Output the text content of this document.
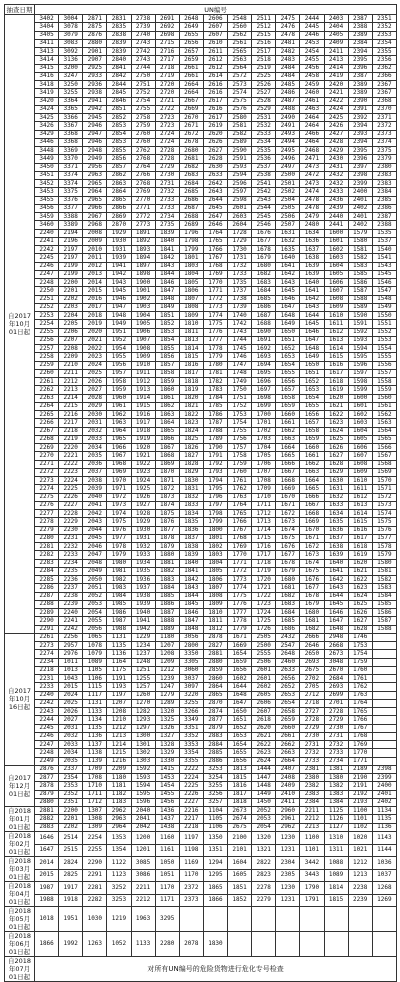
抽查日期	UN编号														
自2017年10月01日起	3402	3004	2871	2831	2738	2691	2648	2606	2548	2511	2475	2444	2403	2387	2351
	3404	3078	2875	2835	2739	2692	2649	2607	2560	2512	2476	2445	2404	2388	2352
	3405	3079	2876	2838	2740	2698	2655	2607	2562	2515	2478	2446	2405	2389	2353
	3411	3083	2880	2839	2743	2715	2656	2610	2561	2516	2481	2453	2409	2384	2354
	3413	3092	2901	2839	2742	2716	2657	2611	2565	2517	2482	2454	2411	2394	2355
	3414	3136	2907	2840	2743	2717	2659	2612	2563	2518	2483	2455	2413	2395	2356
	3415	3200	2925	2841	2744	2718	2661	2612	2564	2519	2484	2456	2414	2396	2362
	3416	3247	2933	2842	2750	2719	2661	2614	2572	2525	2484	2458	2419	2387	2366
	3418	3250	2936	2844	2751	2720	2664	2616	2573	2526	2485	2459	2420	2389	2367
	3419	3255	2938	2845	2752	2720	2664	2616	2574	2527	2486	2460	2421	2389	2367
	3420	3364	2941	2846	2754	2721	2667	2617	2575	2528	2487	2461	2422	2390	2368
	3424	3365	2942	2851	2755	2722	2669	2616	2576	2529	2488	2463	2424	2391	2370
	3425	3366	2945	2852	2758	2723	2670	2617	2580	2531	2490	2464	2425	2392	2371
	3426	3367	2946	2853	2759	2723	2671	2619	2581	2532	2491	2464	2426	2394	2372
	3429	3368	2947	2854	2760	2724	2672	2620	2582	2533	2493	2466	2427	2393	2373
	3446	3368	2946	2853	2760	2724	2678	2626	2589	2534	2494	2464	2428	2394	2374
	3448	3369	2948	2855	2762	2728	2680	2627	2590	2535	2495	2468	2429	2395	2375
	3449	3370	2949	2856	2768	2728	2681	2628	2591	2536	2496	2471	2430	2396	2379
	3450	3371	2956	2857	2764	2729	2682	2630	2593	2537	2497	2473	2431	2397	2380
	3451	3374	2963	2862	2766	2730	2683	2633	2594	2538	2500	2472	2432	2398	2383
	3452	3374	2965	2863	2768	2731	2684	2642	2596	2541	2501	2473	2432	2399	2383
	3453	3375	2964	2864	2769	2732	2685	2643	2597	2542	2502	2474	2433	2400	2384
	3455	3376	2965	2865	2770	2733	2686	2644	2598	2543	2504	2478	2436	2401	2385
	3456	3377	2966	2866	2771	2733	2687	2645	2601	2544	2505	2478	2439	2402	2386
	3459	3388	2967	2869	2772	2734	2688	2647	2603	2545	2506	2479	2440	2401	2387
	3460	3389	2968	2870	2773	2735	2689	2646	2604	2546	2507	2480	2441	2402	2388
	2240	2194	2008	1929	1891	1839	1796	1764	1728	1676	1631	1634	1600	1579	1535
	2241	2196	2009	1930	1892	1840	1798	1765	1729	1677	1632	1636	1601	1580	1537
	2242	2197	2010	1931	1893	1841	1799	1766	1730	1678	1635	1637	1602	1581	1540
	2245	2197	2011	1939	1894	1842	1801	1767	1731	1679	1640	1638	1603	1582	1541
	2246	2199	2012	1941	1897	1843	1803	1768	1732	1680	1641	1639	1604	1583	1543
	2247	2199	2013	1942	1898	1844	1804	1769	1733	1682	1642	1639	1605	1585	1545
	2248	2200	2014	1943	1900	1846	1805	1770	1735	1683	1643	1640	1606	1586	1546
	2250	2201	2015	1945	1901	1847	1806	1771	1737	1684	1645	1641	1607	1587	1547
	2251	2202	2016	1946	1902	1848	1807	1772	1738	1685	1646	1642	1608	1588	1548
	2252	2203	2017	1947	1903	1849	1808	1773	1739	1686	1647	1643	1609	1589	1549
	2253	2204	2018	1948	1904	1851	1809	1774	1740	1687	1648	1644	1610	1590	1550
	2254	2205	2019	1949	1905	1852	1810	1775	1742	1688	1649	1645	1611	1591	1551
	2255	2206	2020	1951	1906	1853	1811	1776	1743	1690	1650	1646	1612	1592	1552
	2256	2207	2021	1952	1907	1854	1813	1777	1744	1691	1651	1647	1613	1593	1553
	2257	2208	2022	1954	1908	1855	1814	1778	1745	1692	1652	1648	1614	1594	1554
	2258	2209	2023	1955	1909	1856	1815	1779	1746	1693	1653	1649	1615	1595	1555
	2259	2210	2024	1956	1910	1857	1816	1780	1747	1694	1654	1650	1616	1596	1556
	2260	2211	2025	1957	1911	1858	1817	1781	1748	1695	1655	1651	1617	1597	1557
	2261	2212	2026	1958	1912	1859	1818	1782	1749	1696	1656	1652	1618	1598	1558
	2262	2213	2027	1959	1913	1860	1819	1783	1750	1697	1657	1653	1619	1599	1559
	2263	2214	2028	1960	1914	1861	1820	1784	1751	1698	1658	1654	1620	1600	1560
	2264	2215	2029	1961	1915	1862	1821	1785	1752	1699	1659	1655	1621	1601	1561
	2265	2216	2030	1962	1916	1863	1822	1786	1753	1700	1660	1656	1622	1602	1562
	2266	2217	2031	1963	1917	1864	1823	1787	1754	1701	1661	1657	1623	1603	1563
	2267	2218	2032	1964	1918	1865	1824	1788	1755	1702	1662	1658	1624	1604	1564
	2268	2219	2033	1965	1919	1866	1825	1789	1756	1703	1663	1659	1625	1605	1565
	2269	2220	2034	1966	1920	1867	1826	1790	1757	1704	1664	1660	1626	1606	1566
	2270	2221	2035	1967	1921	1868	1827	1791	1758	1705	1665	1661	1627	1607	1567
	2271	2222	2036	1968	1922	1869	1828	1792	1759	1706	1666	1662	1628	1608	1568
	2272	2223	2037	1969	1923	1870	1829	1793	1760	1707	1667	1663	1629	1609	1569
	2273	2224	2038	1970	1924	1871	1830	1794	1761	1708	1668	1664	1630	1610	1570
	2274	2225	2039	1971	1925	1872	1831	1795	1762	1709	1669	1665	1631	1611	1571
	2275	2226	2040	1972	1926	1873	1832	1796	1763	1710	1670	1666	1632	1612	1572
	2276	2227	2041	1973	1927	1874	1833	1797	1764	1711	1671	1667	1633	1613	1573
	2277	2228	2042	1974	1928	1875	1834	1798	1765	1712	1672	1668	1634	1614	1574
	2278	2229	2043	1975	1929	1876	1835	1799	1766	1713	1673	1669	1635	1615	1575
	2279	2230	2044	1976	1930	1877	1836	1800	1767	1714	1674	1670	1636	1616	1576
	2280	2231	2045	1977	1931	1878	1837	1801	1768	1715	1675	1671	1637	1617	1577
	2281	2232	2046	1978	1932	1879	1838	1802	1769	1716	1676	1672	1638	1618	1578
	2282	2233	2047	1979	1933	1880	1839	1803	1770	1717	1677	1673	1639	1619	1579
	2283	2234	2048	1980	1934	1881	1840	1804	1771	1718	1678	1674	1640	1620	1580
	2284	2235	2049	1981	1935	1882	1841	1805	1772	1719	1679	1675	1641	1621	1581
	2285	2236	2050	1982	1936	1883	1842	1806	1773	1720	1680	1676	1642	1622	1582
	2286	2237	2051	1983	1937	1884	1843	1807	1774	1721	1681	1677	1643	1623	1583
	2287	2238	2052	1984	1938	1885	1844	1808	1775	1722	1682	1678	1644	1624	1584
	2288	2239	2053	1985	1939	1886	1845	1809	1776	1723	1683	1679	1645	1625	1585
	2289	2240	2054	1986	1940	1887	1846	1810	1777	1724	1684	1680	1646	1626	1586
	2290	2241	2055	1987	1941	1888	1847	1811	1778	1725	1685	1681	1647	1627	1587
	2291	2242	2056	1988	1942	1889	1848	1812	1779	1726	1686	1682	1648	1628	1588
自2017年10月16日起	2261	2256	1065	1131	1229	1180	3056	2878	1671	2505	2432	2666	2948	1746	
	2273	2957	1078	1135	1234	1207	2800	2827	1669	2500	2547	2646	2668	1753	
	2274	2976	1079	1136	1237	1208	3350	2881	1654	2555	2648	2650	2673	1754	
	2234	1011	1089	1164	1248	1209	3305	2880	1659	2506	2460	2693	3048	1759	
	2218	1013	1105	1175	1251	1212	3060	2859	1656	2601	2633	2675	2670	1760	
	2231	1043	1106	1191	1255	1239	3037	2860	1602	2601	2656	2702	2684	1761	
	2233	2015	1115	1193	1257	1247	3097	2864	1644	2602	2652	2705	2693	1762	
	2240	2024	1117	1197	1260	1279	3220	2865	1648	2605	2653	2712	2699	1763	
	2242	2025	1131	1207	1270	1289	3255	2870	1647	2606	2654	2718	2701	1764	
	2243	2026	1133	1208	1282	1320	3266	2874	1650	2607	2658	2727	2728	1765	
	2244	2027	1134	1210	1293	1325	3349	2877	1651	2618	2659	2728	2729	1766	
	2245	2031	1135	1212	1297	1326	3351	2879	1652	2620	2660	2729	2730	1767	
	2246	2032	1136	1213	1300	1327	3352	2883	1653	2621	2661	2730	2731	1768	
	2247	2033	1137	1214	1301	1328	3353	2884	1654	2622	2662	2731	2732	1769	
	2248	2034	1138	1215	1302	1329	3354	2885	1655	2623	2663	2732	2733	1770	
	2249	2035	1139	1216	1303	1330	3355	2886	1656	2624	2664	2733	2734	1771	
自2017年12月01日起	2876	2337	1709	2209	1592	1415	2222	3253	1813	1444	2407	2381	1381	2189	2398
	2877	2354	1708	1180	1593	1453	2224	3254	1815	1447	2408	2380	1380	2190	2399
	2878	2353	1710	1181	1594	1454	2225	3255	1816	1448	2409	2382	1382	2191	2400
	2879	2352	1711	1182	1595	1455	2226	3256	1817	1449	2410	2383	1383	2192	2401
	2880	2351	1712	1183	1596	1456	2227	3257	1818	1450	2411	2384	1384	2193	2402
自2018年01月01日起	2881	2200	1307	2962	2040	1436	2216	1104	2673	2052	2960	2211	1125	1100	1134
	2882	2201	1308	2963	2041	1437	2217	1105	2674	2053	2961	2212	1126	1101	1135
	2883	2202	1309	2964	2042	1438	2218	1106	2675	2054	2962	2213	1127	1102	1136
自2018年02月01日起	1646	2514	2254	1353	1200	1160	1197	1350	2100	1320	1230	1100	1310	1020	1143
	1647	2515	2255	1354	1201	1161	1198	1351	2101	1321	1231	1101	1311	1021	1144
自2018年03月01日起	2014	2824	2290	1122	3085	1050	1169	1294	1604	2822	2304	3442	1088	1212	1036
	2015	2825	2291	1123	3086	1051	1170	1295	1605	2823	2305	3443	1089	1213	1037
自2018年04月01日起	1987	1917	2281	3252	2211	1170	2372	1865	1851	2278	1230	1790	1814	2238	1268
	1988	1918	2282	3253	2212	1171	2373	1866	1852	2279	1231	1791	1815	2239	1269
自2018年05月01日起	1018	1951	1030	1219	1963	3295									
自2018年06月01日起	1866	1992	1263	1052	1133	2280	2078	1830							
自2018年07月01日起	对所有UN编号的危险货物进行危化专号检查														
